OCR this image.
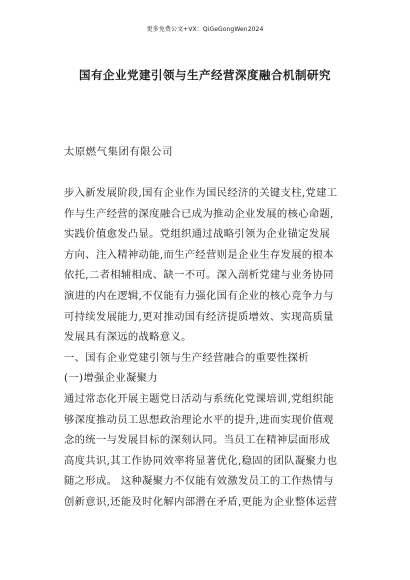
更多免费公文+VX：QiGeGongWen2024
国有企业党建引领与生产经营深度融合机制研究
太原燃气集团有限公司
步入新发展阶段,国有企业作为国民经济的关键支柱,党建工
作与生产经营的深度融合已成为推动企业发展的核心命题,
实践价值愈发凸显。党组织通过战略引领为企业锚定发展
方向、注入精神动能,而生产经营则是企业生存发展的根本
依托,二者相辅相成、缺一不可。深入剖析党建与业务协同
演进的内在逻辑,不仅能有力强化国有企业的核心竞争力与
可持续发展能力,更对推动国有经济提质增效、实现高质量
发展具有深远的战略意义。
一、国有企业党建引领与生产经营融合的重要性探析
(一)增强企业凝聚力
通过常态化开展主题党日活动与系统化党课培训,党组织能
够深度推动员工思想政治理论水平的提升,进而实现价值观
念的统一与发展目标的深刻认同。当员工在精神层面形成
高度共识,其工作协同效率将显著优化,稳固的团队凝聚力也
随之形成。 这种凝聚力不仅能有效激发员工的工作热情与
创新意识,还能及时化解内部潜在矛盾,更能为企业整体运营
